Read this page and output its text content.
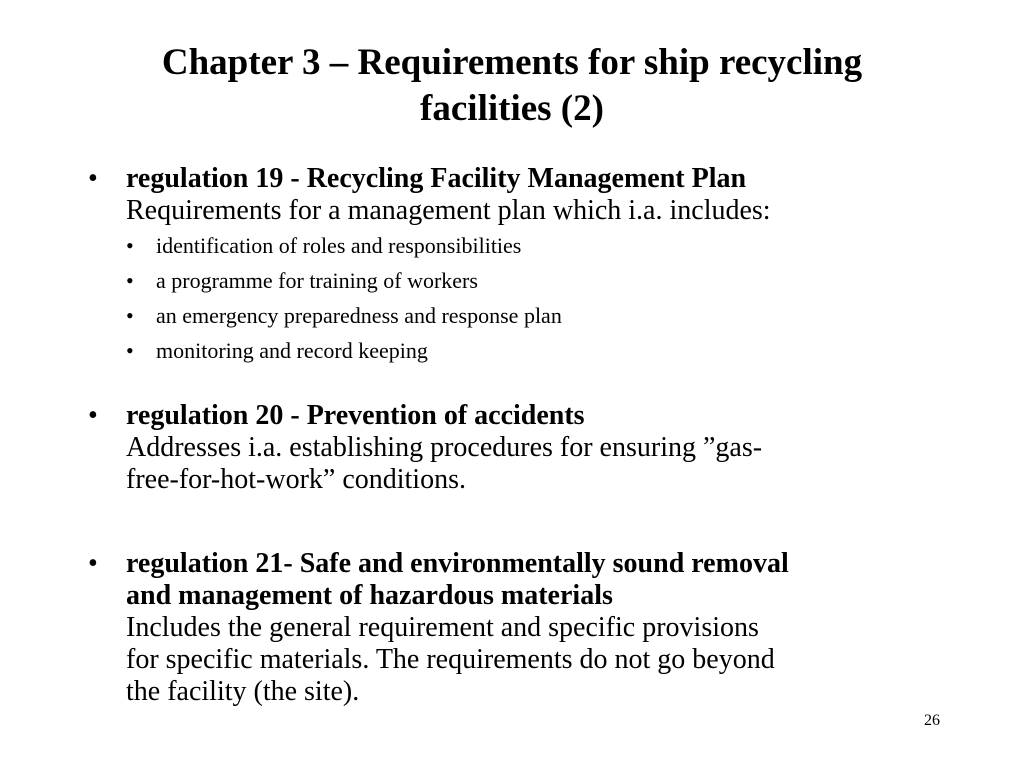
Chapter 3 – Requirements for ship recycling
facilities (2)
• regulation 19 - Recycling Facility Management Plan
Requirements for a management plan which i.a. includes:
• identification of roles and responsibilities
• a programme for training of workers
• an emergency preparedness and response plan
• monitoring and record keeping
• regulation 20 - Prevention of accidents
Addresses i.a. establishing procedures for ensuring ”gas-
free-for-hot-work” conditions.
• regulation 21- Safe and environmentally sound removal
and management of hazardous materials
Includes the general requirement and specific provisions
for specific materials. The requirements do not go beyond
the facility (the site).
26
